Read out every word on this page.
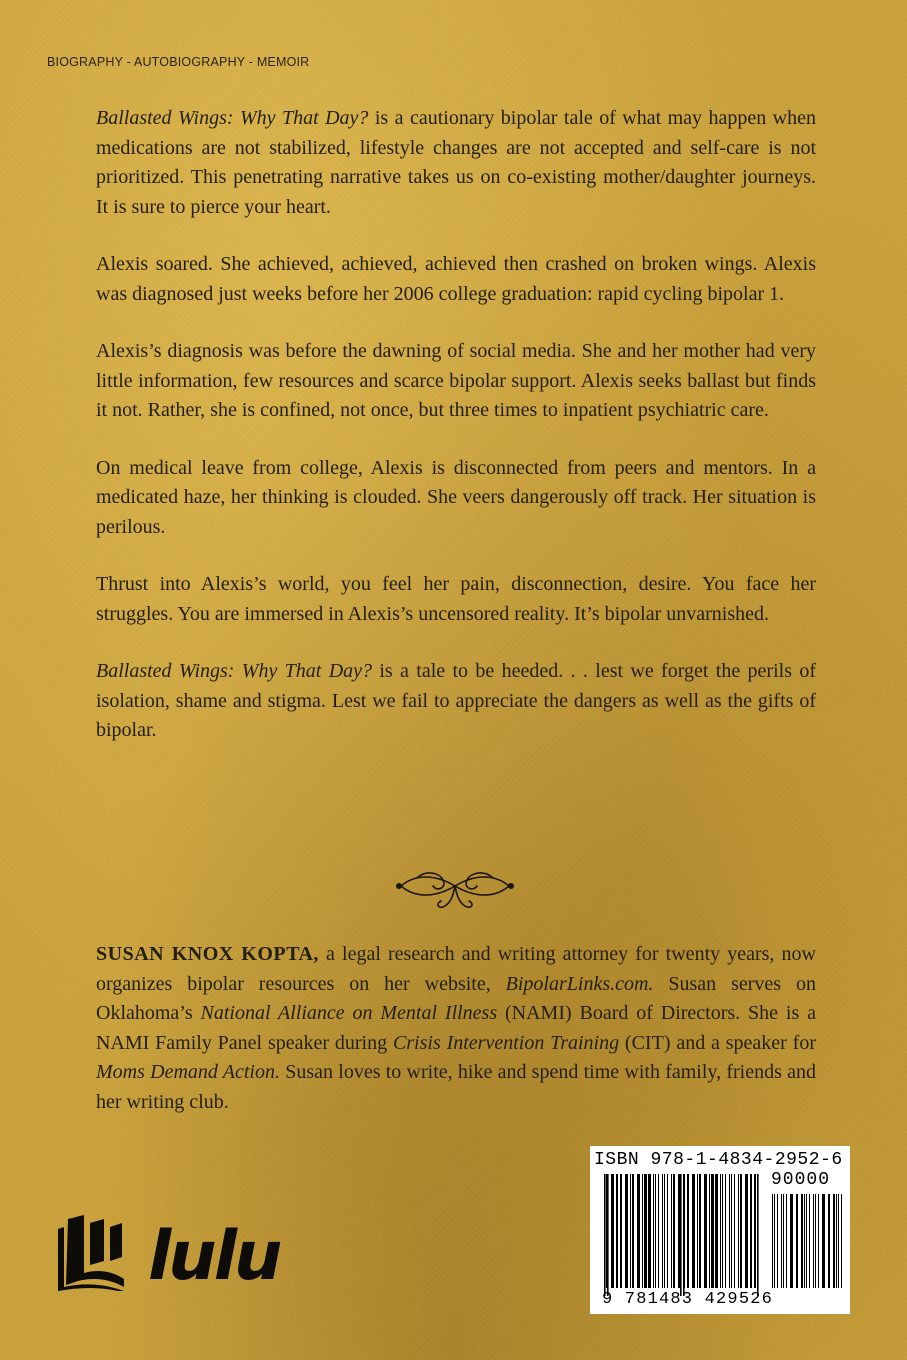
BIOGRAPHY - AUTOBIOGRAPHY - MEMOIR

Ballasted Wings: Why That Day? is a cautionary bipolar tale of what may happen when medications are not stabilized, lifestyle changes are not accepted and self-care is not prioritized. This penetrating narrative takes us on co-existing mother/daughter journeys. It is sure to pierce your heart.

Alexis soared. She achieved, achieved, achieved then crashed on broken wings. Alexis was diagnosed just weeks before her 2006 college graduation: rapid cycling bipolar 1.

Alexis’s diagnosis was before the dawning of social media. She and her mother had very little information, few resources and scarce bipolar support. Alexis seeks ballast but finds it not. Rather, she is confined, not once, but three times to inpatient psychiatric care.

On medical leave from college, Alexis is disconnected from peers and mentors. In a medicated haze, her thinking is clouded. She veers dangerously off track. Her situation is perilous.

Thrust into Alexis’s world, you feel her pain, disconnection, desire. You face her struggles. You are immersed in Alexis’s uncensored reality. It’s bipolar unvarnished.

Ballasted Wings: Why That Day? is a tale to be heeded. . . lest we forget the perils of isolation, shame and stigma. Lest we fail to appreciate the dangers as well as the gifts of bipolar.

SUSAN KNOX KOPTA, a legal research and writing attorney for twenty years, now organizes bipolar resources on her website, BipolarLinks.com. Susan serves on Oklahoma’s National Alliance on Mental Illness (NAMI) Board of Directors. She is a NAMI Family Panel speaker during Crisis Intervention Training (CIT) and a speaker for Moms Demand Action. Susan loves to write, hike and spend time with family, friends and her writing club.
ISBN 978-1-4834-2952-6
90000
9 781483 429526
lulu
